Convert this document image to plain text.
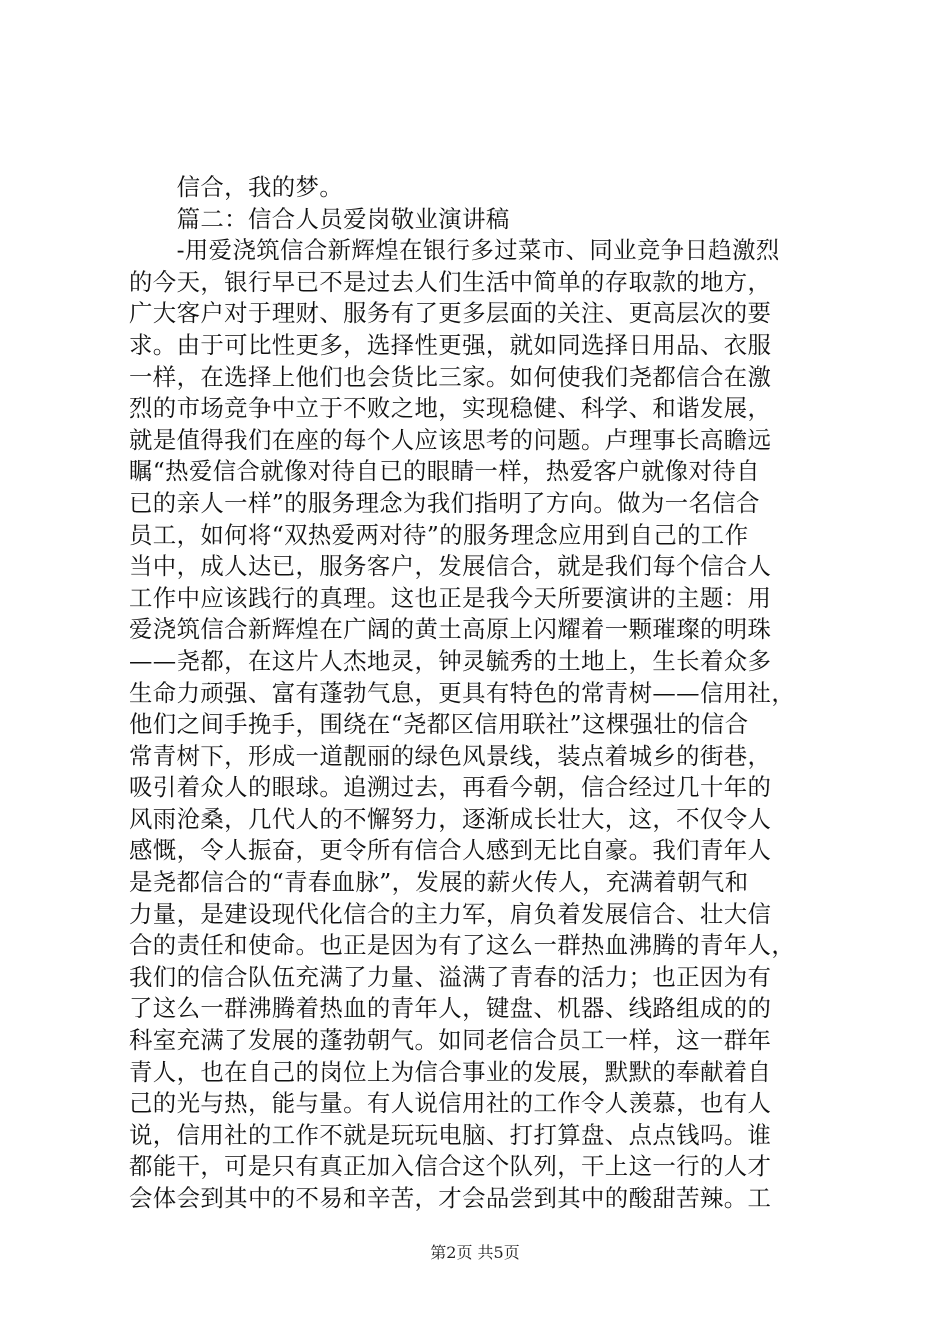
　　信合，我的梦。
　　篇二：信合人员爱岗敬业演讲稿
　　-用爱浇筑信合新辉煌在银行多过菜市、同业竞争日趋激烈
的今天，银行早已不是过去人们生活中简单的存取款的地方，
广大客户对于理财、服务有了更多层面的关注、更高层次的要
求。由于可比性更多，选择性更强，就如同选择日用品、衣服
一样，在选择上他们也会货比三家。如何使我们尧都信合在激
烈的市场竞争中立于不败之地，实现稳健、科学、和谐发展，
就是值得我们在座的每个人应该思考的问题。卢理事长高瞻远
瞩“热爱信合就像对待自已的眼睛一样，热爱客户就像对待自
已的亲人一样”的服务理念为我们指明了方向。做为一名信合
员工，如何将“双热爱两对待”的服务理念应用到自己的工作
当中，成人达已，服务客户，发展信合，就是我们每个信合人
工作中应该践行的真理。这也正是我今天所要演讲的主题：用
爱浇筑信合新辉煌在广阔的黄土高原上闪耀着一颗璀璨的明珠
——尧都，在这片人杰地灵，钟灵毓秀的土地上，生长着众多
生命力顽强、富有蓬勃气息，更具有特色的常青树——信用社，
他们之间手挽手，围绕在“尧都区信用联社”这棵强壮的信合
常青树下，形成一道靓丽的绿色风景线，装点着城乡的街巷，
吸引着众人的眼球。追溯过去，再看今朝，信合经过几十年的
风雨沧桑，几代人的不懈努力，逐渐成长壮大，这，不仅令人
感慨，令人振奋，更令所有信合人感到无比自豪。我们青年人
是尧都信合的“青春血脉”，发展的薪火传人，充满着朝气和
力量，是建设现代化信合的主力军，肩负着发展信合、壮大信
合的责任和使命。也正是因为有了这么一群热血沸腾的青年人，
我们的信合队伍充满了力量、溢满了青春的活力；也正因为有
了这么一群沸腾着热血的青年人，键盘、机器、线路组成的的
科室充满了发展的蓬勃朝气。如同老信合员工一样，这一群年
青人，也在自己的岗位上为信合事业的发展，默默的奉献着自
己的光与热，能与量。有人说信用社的工作令人羡慕，也有人
说，信用社的工作不就是玩玩电脑、打打算盘、点点钱吗。谁
都能干，可是只有真正加入信合这个队列，干上这一行的人才
会体会到其中的不易和辛苦，才会品尝到其中的酸甜苦辣。工
第2页 共5页
